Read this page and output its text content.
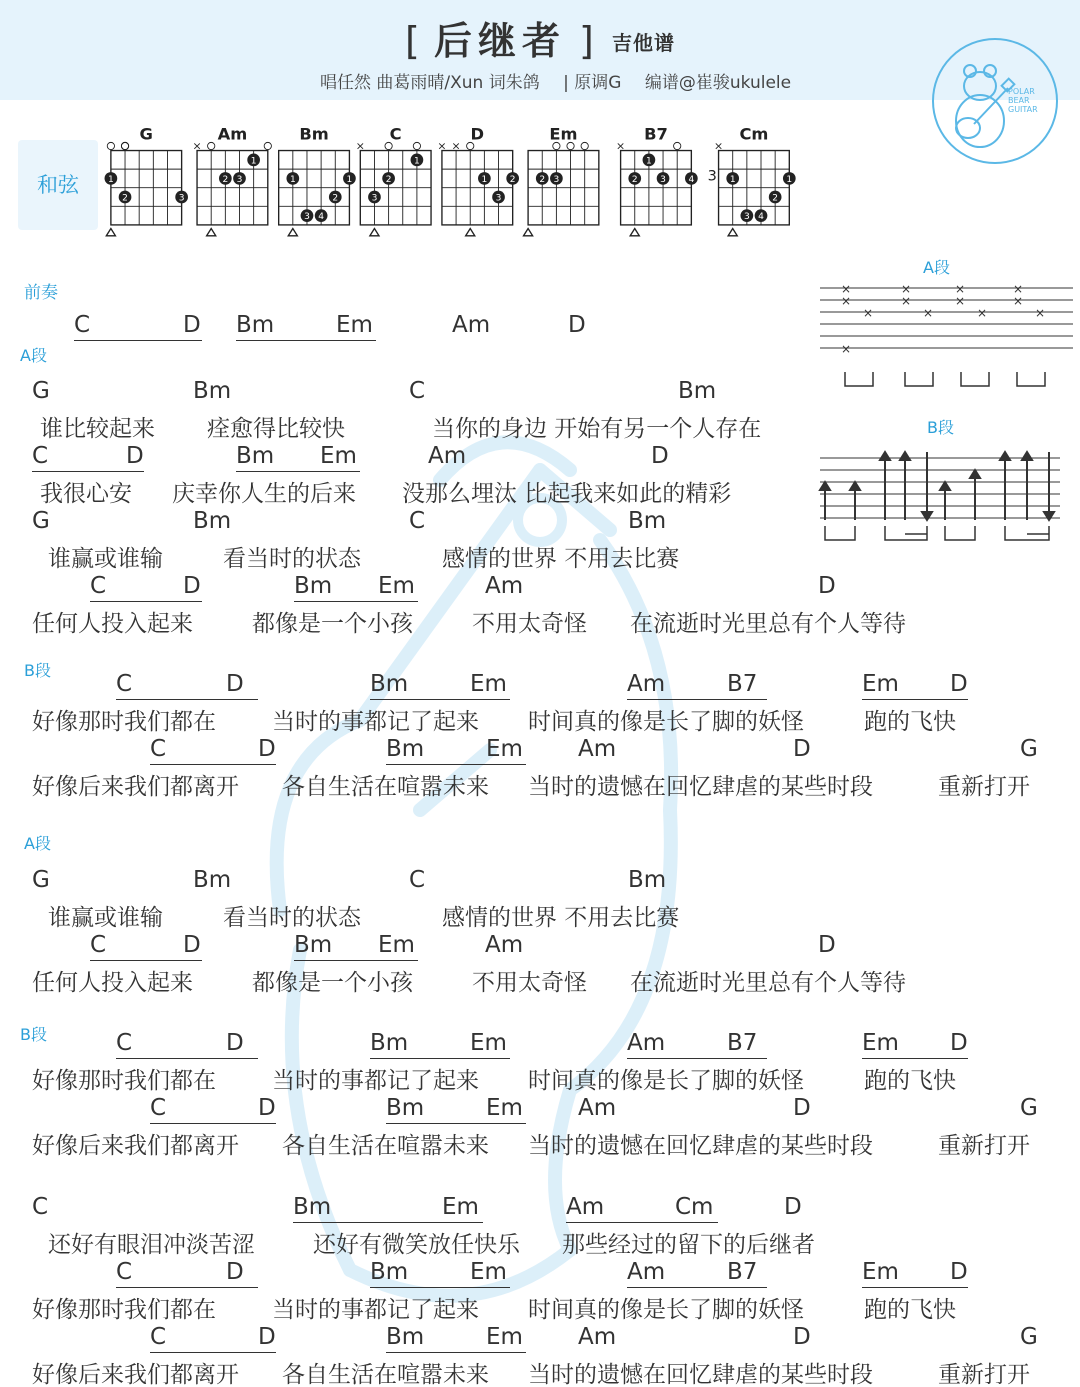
[ 后继者 ] 吉他谱
唱任然 曲葛雨晴/Xun 词朱鸽 | 原调G 编谱@崔骏ukulele	POLAR
BEAR
GUITAR
和弦
G
2
1
3
Am
×
1
2 3
Bm
1	1
2
3 4
C
×
1
2
3
D
× ×
1 2
3
Em
2 3
B7
×
1
2 3 4
Cm
×
1	1
2
3 4
3
A段
×
×
×
×
×
×
×
×
×
×
×
×
×
B段
前奏
A段
B段
A段
B段
C	D Bm	Em	Am	D
G	Bm	C	Bm
谁比较起来 痊愈得比较快	当你的身边 开始有另一个人存在
C	D	Bm Em	Am	D
我很心安 庆幸你人生的后来 没那么埋汰 比起我来如此的精彩
G	Bm	C	Bm
谁赢或谁输	看当时的状态	感情的世界 不用去比赛
C	D	Bm Em	Am	D
任何人投入起来	都像是一个小孩	不用太奇怪 在流逝时光里总有个人等待
C	D	Bm	Em	Am	B7	Em D
好像那时我们都在 当时的事都记了起来 时间真的像是长了脚的妖怪	跑的飞快
C	D	Bm	Em Am	D	G
好像后来我们都离开 各自生活在喧嚣未来 当时的遗憾在回忆肆虐的某些时段	重新打开
C	D	Bm	Em	Am	B7	Em D
好像那时我们都在 当时的事都记了起来 时间真的像是长了脚的妖怪	跑的飞快
C	D	Bm	Em Am	D	G
好像后来我们都离开 各自生活在喧嚣未来 当时的遗憾在回忆肆虐的某些时段	重新打开
C	D	Bm	Em	Am	B7	Em D
好像那时我们都在 当时的事都记了起来 时间真的像是长了脚的妖怪	跑的飞快
C	D	Bm	Em Am	D	G
好像后来我们都离开 各自生活在喧嚣未来 当时的遗憾在回忆肆虐的某些时段	重新打开
G	Bm	C	Bm
谁赢或谁输	看当时的状态	感情的世界 不用去比赛
C	D	Bm Em	Am	D
任何人投入起来	都像是一个小孩	不用太奇怪 在流逝时光里总有个人等待
C	Bm	Em	Am	Cm	D
还好有眼泪冲淡苦涩	还好有微笑放任快乐 那些经过的留下的后继者
